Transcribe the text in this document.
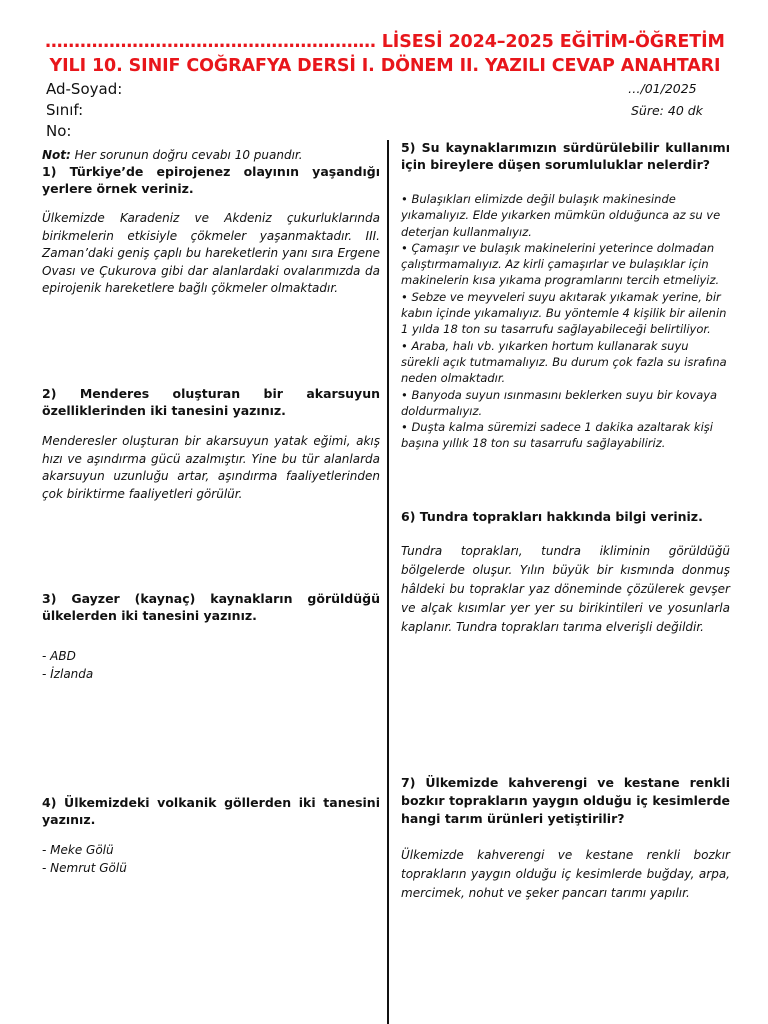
………………………………………………… LİSESİ 2024–2025 EĞİTİM-ÖĞRETİM
YILI 10. SINIF COĞRAFYA DERSİ I. DÖNEM II. YAZILI CEVAP ANAHTARI
Ad-Soyad:
Sınıf:
No:
…/01/2025
Süre: 40 dk
Not: Her sorunun doğru cevabı 10 puandır.

1) Türkiye’de epirojenez olayının yaşandığı yerlere örnek veriniz.

Ülkemizde Karadeniz ve Akdeniz çukurluklarında birikmelerin etkisiyle çökmeler yaşanmaktadır. III. Zaman’daki geniş çaplı bu hareketlerin yanı sıra Ergene Ovası ve Çukurova gibi dar alanlardaki ovalarımızda da epirojenik hareketlere bağlı çökmeler olmaktadır.

2) Menderes oluşturan bir akarsuyun özelliklerinden iki tanesini yazınız.

Menderesler oluşturan bir akarsuyun yatak eğimi, akış hızı ve aşındırma gücü azalmıştır. Yine bu tür alanlarda akarsuyun uzunluğu artar, aşındırma faaliyetlerinden çok biriktirme faaliyetleri görülür.

3) Gayzer (kaynaç) kaynakların görüldüğü ülkelerden iki tanesini yazınız.

- ABD

- İzlanda

4) Ülkemizdeki volkanik göllerden iki tanesini yazınız.

- Meke Gölü

- Nemrut Gölü

5) Su kaynaklarımızın sürdürülebilir kullanımı için bireylere düşen sorumluluklar nelerdir?

• Bulaşıkları elimizde değil bulaşık makinesinde yıkamalıyız. Elde yıkarken mümkün olduğunca az su ve deterjan kullanmalıyız.
• Çamaşır ve bulaşık makinelerini yeterince dolmadan çalıştırmamalıyız. Az kirli çamaşırlar ve bulaşıklar için makinelerin kısa yıkama programlarını tercih etmeliyiz.
• Sebze ve meyveleri suyu akıtarak yıkamak yerine, bir kabın içinde yıkamalıyız. Bu yöntemle 4 kişilik bir ailenin 1 yılda 18 ton su tasarrufu sağlayabileceği belirtiliyor.
• Araba, halı vb. yıkarken hortum kullanarak suyu sürekli açık tutmamalıyız. Bu durum çok fazla su israfına neden olmaktadır.
• Banyoda suyun ısınmasını beklerken suyu bir kovaya doldurmalıyız.
• Duşta kalma süremizi sadece 1 dakika azaltarak kişi başına yıllık 18 ton su tasarrufu sağlayabiliriz.

6) Tundra toprakları hakkında bilgi veriniz.

Tundra toprakları, tundra ikliminin görüldüğü bölgelerde oluşur. Yılın büyük bir kısmında donmuş hâldeki bu topraklar yaz döneminde çözülerek gevşer ve alçak kısımlar yer yer su birikintileri ve yosunlarla kaplanır. Tundra toprakları tarıma elverişli değildir.

7) Ülkemizde kahverengi ve kestane renkli bozkır toprakların yaygın olduğu iç kesimlerde hangi tarım ürünleri yetiştirilir?

Ülkemizde kahverengi ve kestane renkli bozkır toprakların yaygın olduğu iç kesimlerde buğday, arpa, mercimek, nohut ve şeker pancarı tarımı yapılır.
